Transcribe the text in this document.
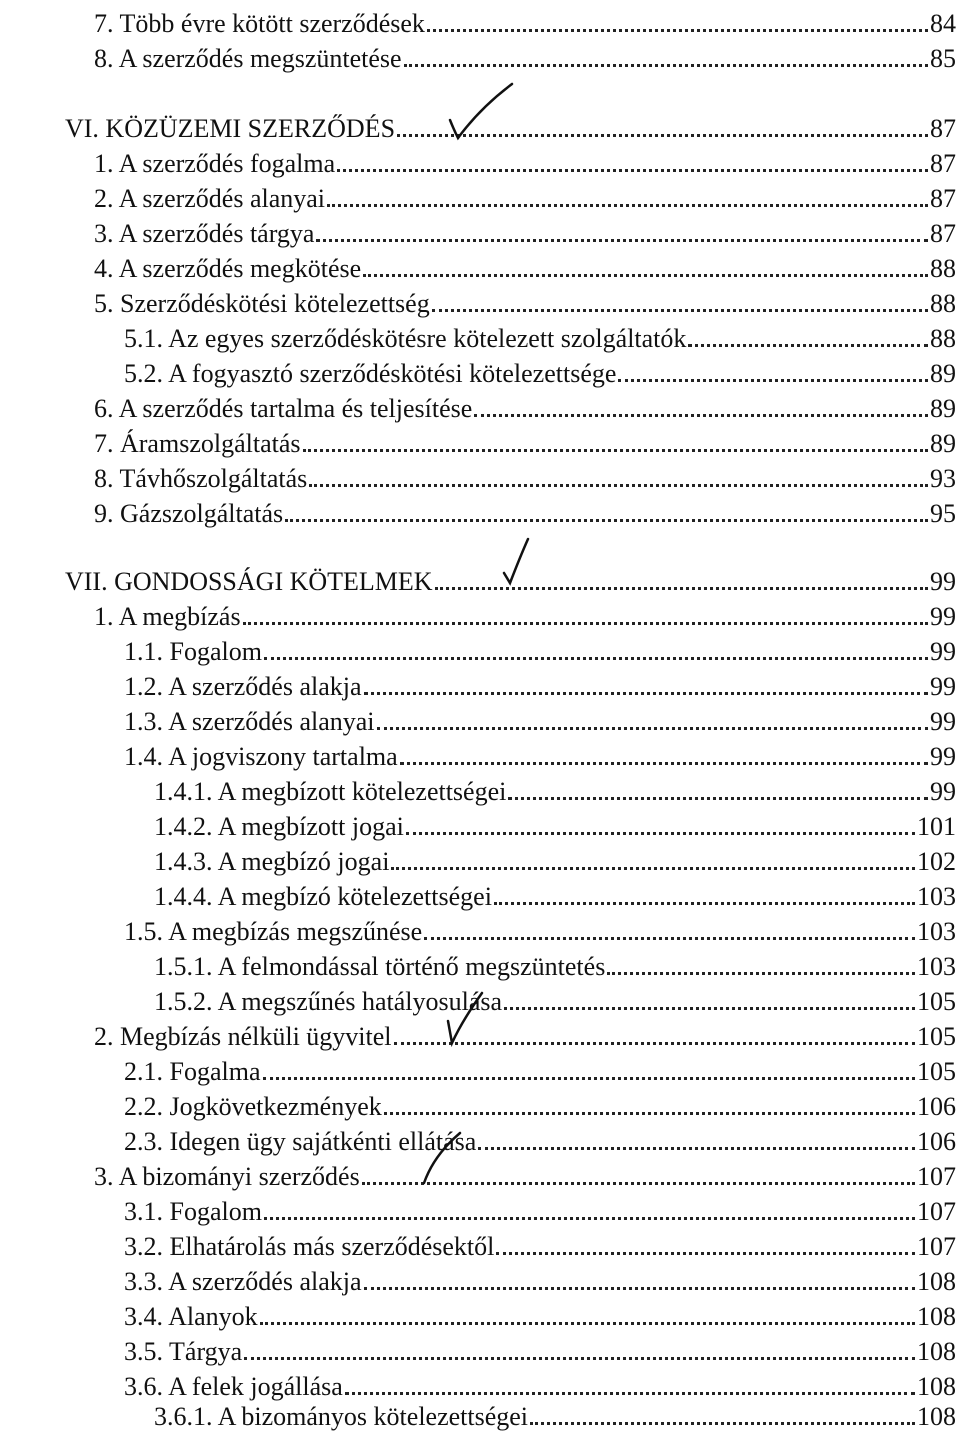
7. Több évre kötött szerződések	84
8. A szerződés megszüntetése	85
VI. KÖZÜZEMI SZERZŐDÉS	87
1. A szerződés fogalma	87
2. A szerződés alanyai	87
3. A szerződés tárgya	87
4. A szerződés megkötése	88
5. Szerződéskötési kötelezettség	88
5.1. Az egyes szerződéskötésre kötelezett szolgáltatók	88
5.2. A fogyasztó szerződéskötési kötelezettsége	89
6. A szerződés tartalma és teljesítése	89
7. Áramszolgáltatás	89
8. Távhőszolgáltatás	93
9. Gázszolgáltatás	95
VII. GONDOSSÁGI KÖTELMEK	99
1. A megbízás	99
1.1. Fogalom	99
1.2. A szerződés alakja	99
1.3. A szerződés alanyai	99
1.4. A jogviszony tartalma	99
1.4.1. A megbízott kötelezettségei	99
1.4.2. A megbízott jogai	101
1.4.3. A megbízó jogai	102
1.4.4. A megbízó kötelezettségei	103
1.5. A megbízás megszűnése	103
1.5.1. A felmondással történő megszüntetés	103
1.5.2. A megszűnés hatályosulása	105
2. Megbízás nélküli ügyvitel	105
2.1. Fogalma	105
2.2. Jogkövetkezmények	106
2.3. Idegen ügy sajátkénti ellátása	106
3. A bizományi szerződés	107
3.1. Fogalom	107
3.2. Elhatárolás más szerződésektől	107
3.3. A szerződés alakja	108
3.4. Alanyok	108
3.5. Tárgya	108
3.6. A felek jogállása	108
3.6.1. A bizományos kötelezettségei	108
